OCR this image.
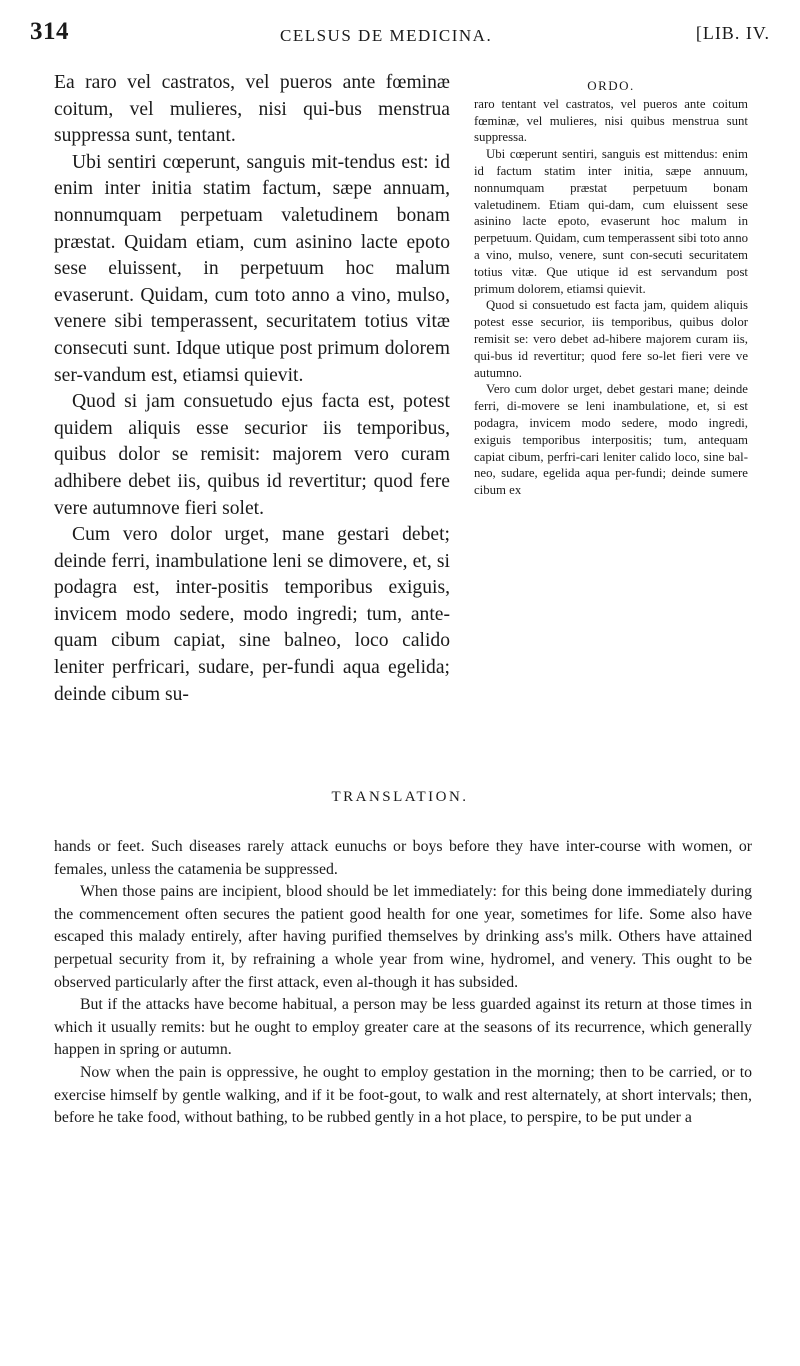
314	CELSUS DE MEDICINA.	[LIB. IV.

Ea raro vel castratos, vel pueros ante fœminæ coitum, vel mulieres, nisi qui-bus menstrua suppressa sunt, tentant.

Ubi sentiri cœperunt, sanguis mit-tendus est: id enim inter initia statim factum, sæpe annuam, nonnumquam perpetuam valetudinem bonam præstat. Quidam etiam, cum asinino lacte epoto sese eluissent, in perpetuum hoc malum evaserunt. Quidam, cum toto anno a vino, mulso, venere sibi temperassent, securitatem totius vitæ consecuti sunt. Idque utique post primum dolorem ser-vandum est, etiamsi quievit.

Quod si jam consuetudo ejus facta est, potest quidem aliquis esse securior iis temporibus, quibus dolor se remisit: majorem vero curam adhibere debet iis, quibus id revertitur; quod fere vere autumnove fieri solet.

Cum vero dolor urget, mane gestari debet; deinde ferri, inambulatione leni se dimovere, et, si podagra est, inter-positis temporibus exiguis, invicem modo sedere, modo ingredi; tum, ante-quam cibum capiat, sine balneo, loco calido leniter perfricari, sudare, per-fundi aqua egelida; deinde cibum su-

ORDO.

raro tentant vel castratos, vel pueros ante coitum fœminæ, vel mulieres, nisi quibus menstrua sunt suppressa.

Ubi cœperunt sentiri, sanguis est mittendus: enim id factum statim inter initia, sæpe annuum, nonnumquam præstat perpetuum bonam valetudinem. Etiam qui-dam, cum eluissent sese asinino lacte epoto, evaserunt hoc malum in perpetuum. Quidam, cum temperassent sibi toto anno a vino, mulso, venere, sunt con-secuti securitatem totius vitæ. Que utique id est servandum post primum dolorem, etiamsi quievit.

Quod si consuetudo est facta jam, quidem aliquis potest esse securior, iis temporibus, quibus dolor remisit se: vero debet ad-hibere majorem curam iis, qui-bus id revertitur; quod fere so-let fieri vere ve autumno.

Vero cum dolor urget, debet gestari mane; deinde ferri, di-movere se leni inambulatione, et, si est podagra, invicem modo sedere, modo ingredi, exiguis temporibus interpositis; tum, antequam capiat cibum, perfri-cari leniter calido loco, sine bal-neo, sudare, egelida aqua per-fundi; deinde sumere cibum ex

TRANSLATION.

hands or feet. Such diseases rarely attack eunuchs or boys before they have inter-course with women, or females, unless the catamenia be suppressed.

When those pains are incipient, blood should be let immediately: for this being done immediately during the commencement often secures the patient good health for one year, sometimes for life. Some also have escaped this malady entirely, after having purified themselves by drinking ass's milk. Others have attained perpetual security from it, by refraining a whole year from wine, hydromel, and venery. This ought to be observed particularly after the first attack, even al-though it has subsided.

But if the attacks have become habitual, a person may be less guarded against its return at those times in which it usually remits: but he ought to employ greater care at the seasons of its recurrence, which generally happen in spring or autumn.

Now when the pain is oppressive, he ought to employ gestation in the morning; then to be carried, or to exercise himself by gentle walking, and if it be foot-gout, to walk and rest alternately, at short intervals; then, before he take food, without bathing, to be rubbed gently in a hot place, to perspire, to be put under a
